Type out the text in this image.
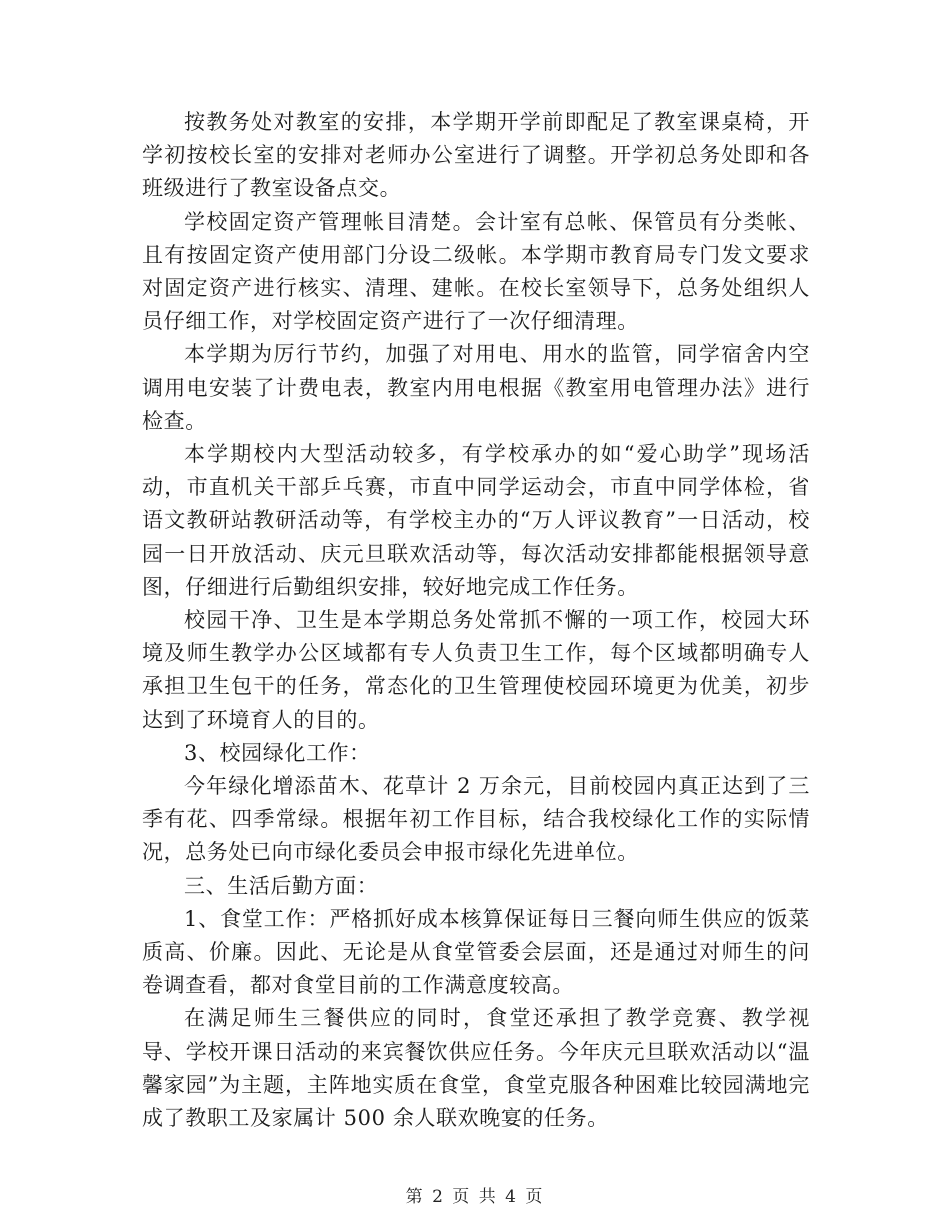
按教务处对教室的安排，本学期开学前即配足了教室课桌椅，开学初按校长室的安排对老师办公室进行了调整。开学初总务处即和各班级进行了教室设备点交。

学校固定资产管理帐目清楚。会计室有总帐、保管员有分类帐、且有按固定资产使用部门分设二级帐。本学期市教育局专门发文要求对固定资产进行核实、清理、建帐。在校长室领导下，总务处组织人员仔细工作，对学校固定资产进行了一次仔细清理。

本学期为厉行节约，加强了对用电、用水的监管，同学宿舍内空调用电安装了计费电表，教室内用电根据《教室用电管理办法》进行检查。

本学期校内大型活动较多，有学校承办的如“爱心助学”现场活动，市直机关干部乒乓赛，市直中同学运动会，市直中同学体检，省语文教研站教研活动等，有学校主办的“万人评议教育”一日活动，校园一日开放活动、庆元旦联欢活动等，每次活动安排都能根据领导意图，仔细进行后勤组织安排，较好地完成工作任务。

校园干净、卫生是本学期总务处常抓不懈的一项工作，校园大环境及师生教学办公区域都有专人负责卫生工作，每个区域都明确专人承担卫生包干的任务，常态化的卫生管理使校园环境更为优美，初步达到了环境育人的目的。

3、校园绿化工作：

今年绿化增添苗木、花草计 2 万余元，目前校园内真正达到了三季有花、四季常绿。根据年初工作目标，结合我校绿化工作的实际情况，总务处已向市绿化委员会申报市绿化先进单位。

三、生活后勤方面：

1、食堂工作：严格抓好成本核算保证每日三餐向师生供应的饭菜质高、价廉。因此、无论是从食堂管委会层面，还是通过对师生的问卷调查看，都对食堂目前的工作满意度较高。

在满足师生三餐供应的同时，食堂还承担了教学竞赛、教学视导、学校开课日活动的来宾餐饮供应任务。今年庆元旦联欢活动以“温馨家园”为主题，主阵地实质在食堂，食堂克服各种困难比较园满地完成了教职工及家属计 500 余人联欢晚宴的任务。

第 2 页 共 4 页
